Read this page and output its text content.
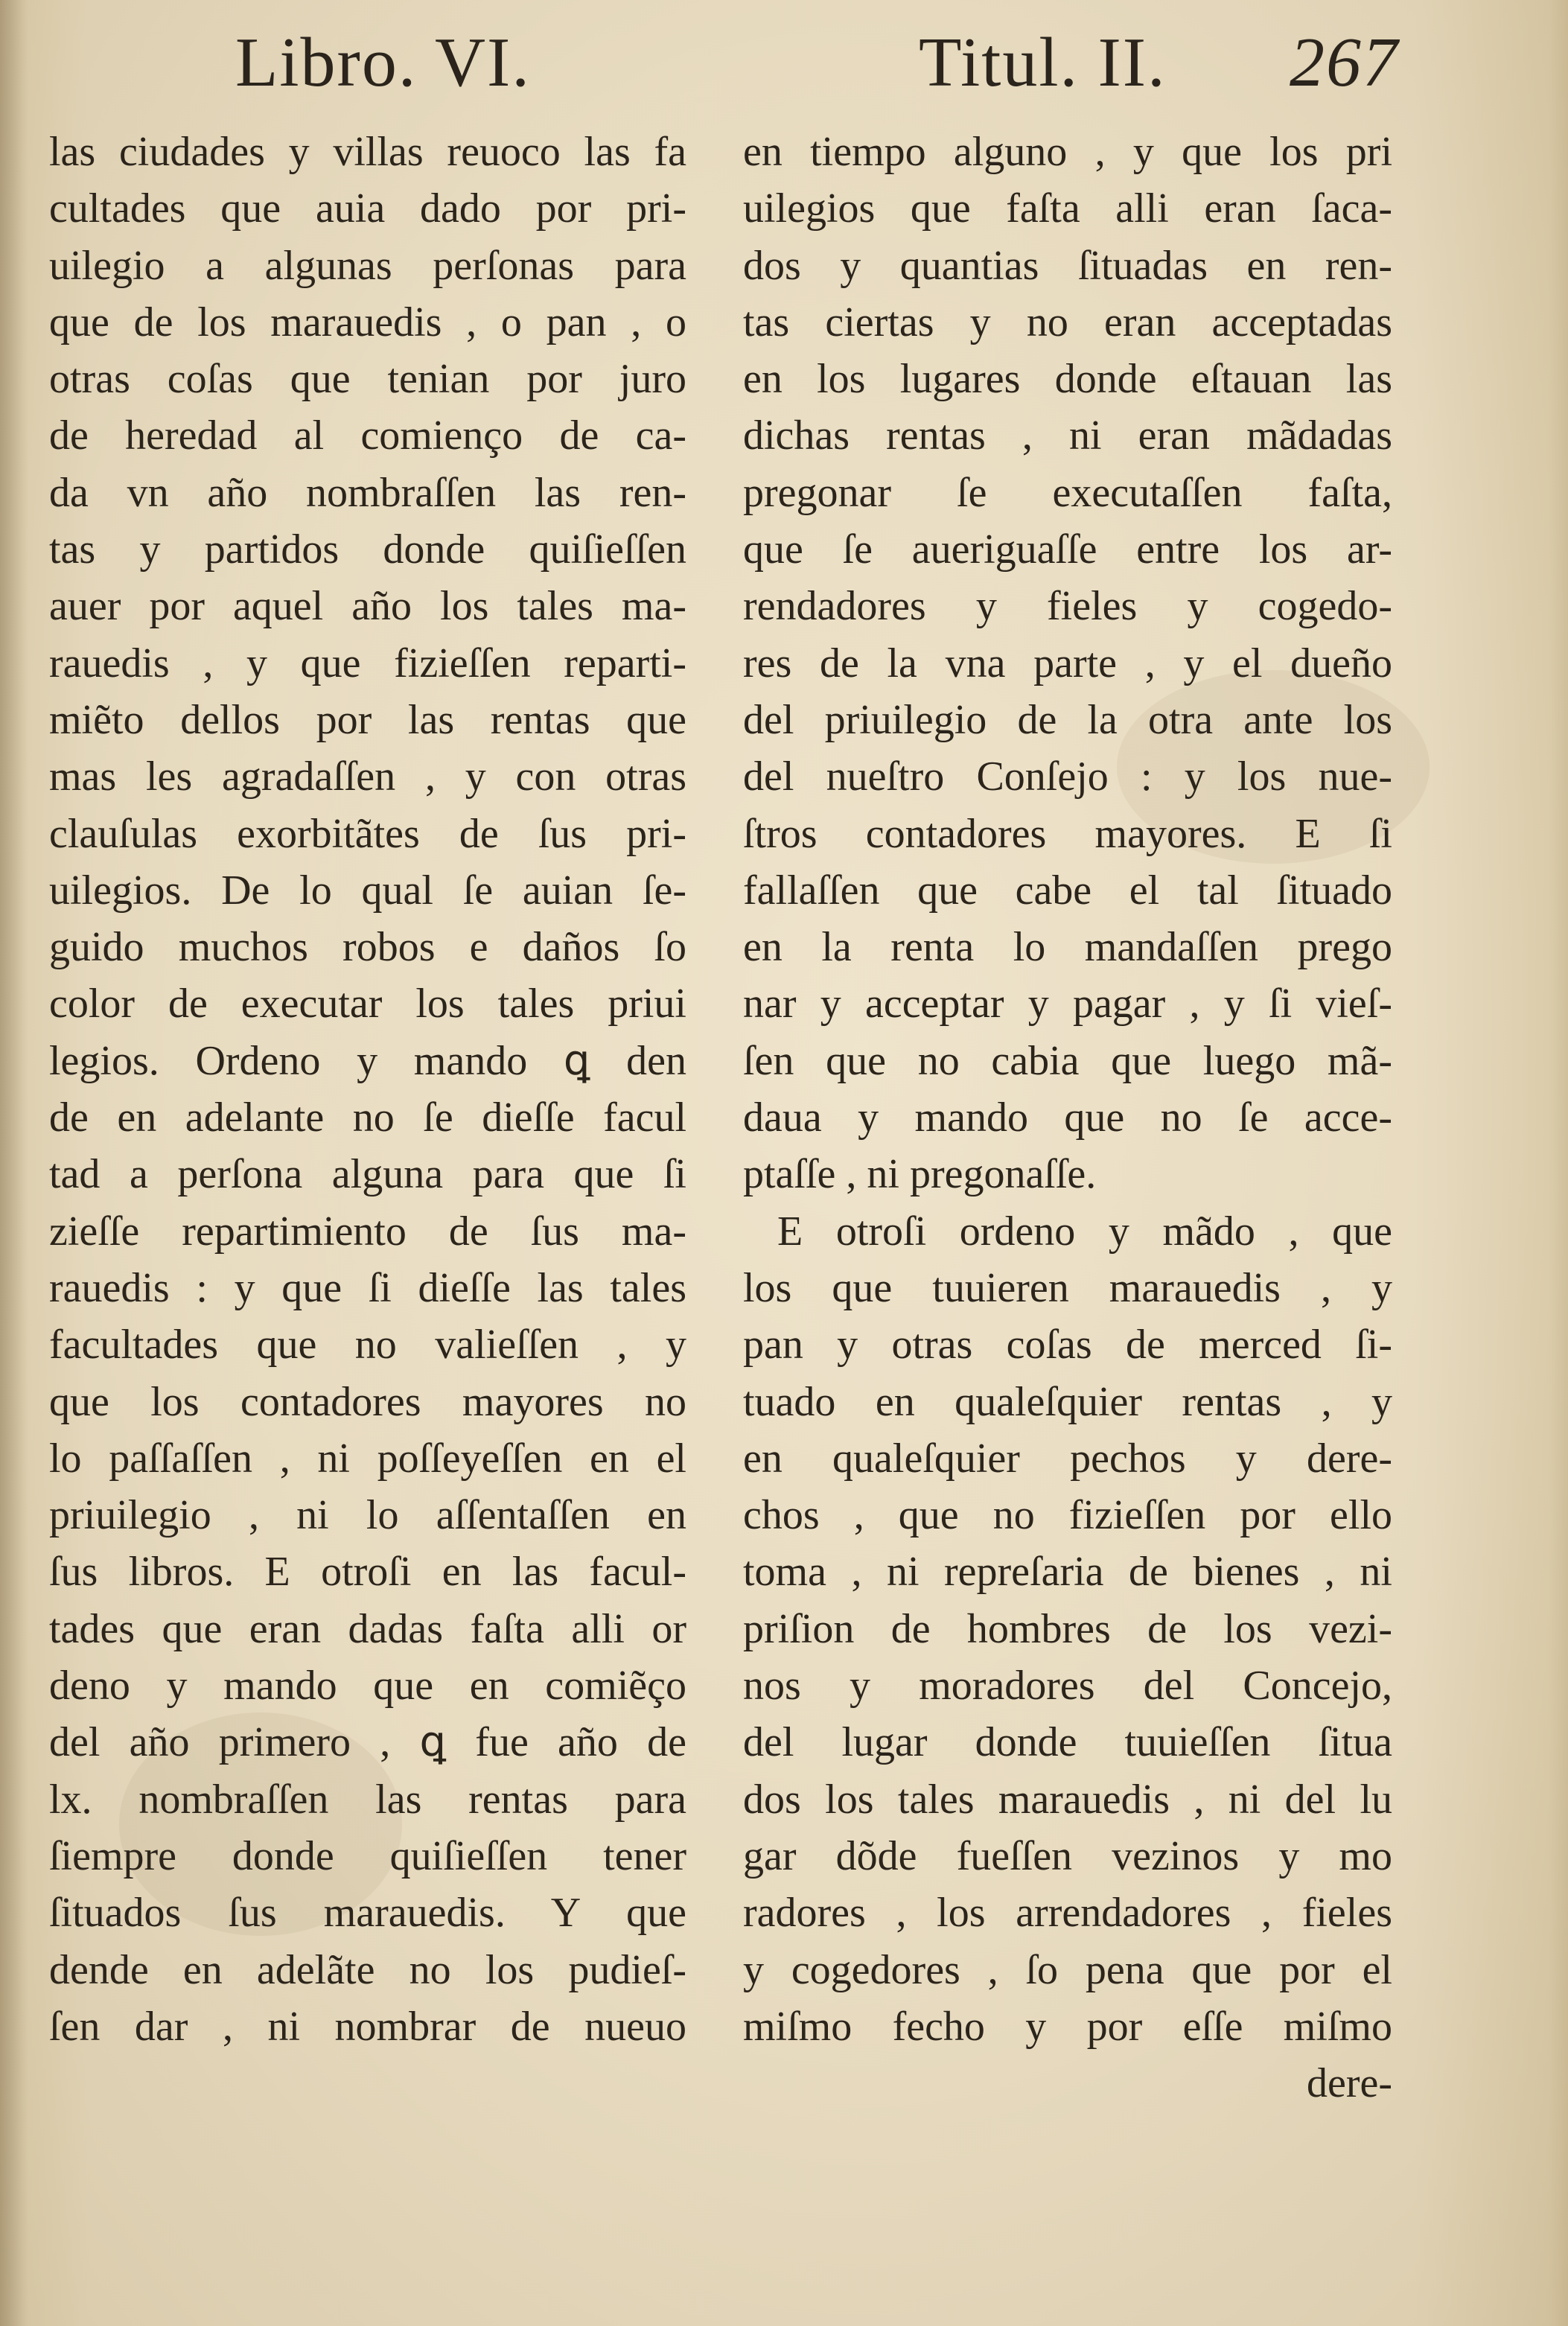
Libro. VI.	Titul. II. 267
las ciudades y villas reuoco las fa
cultades que auia dado por pri-
uilegio a algunas perſonas para
que de los marauedis , o pan , o
otras coſas que tenian por juro
de heredad al comienço de ca-
da vn año nombraſſen las ren-
tas y partidos donde quiſieſſen
auer por aquel año los tales ma-
rauedis , y que fizieſſen reparti-
miẽto dellos por las rentas que
mas les agradaſſen , y con otras
clauſulas exorbitãtes de ſus pri-
uilegios. De lo qual ſe auian ſe-
guido muchos robos e daños ſo
color de executar los tales priui
legios. Ordeno y mando ꝗ den
de en adelante no ſe dieſſe facul
tad a perſona alguna para que ſi
zieſſe repartimiento de ſus ma-
rauedis : y que ſi dieſſe las tales
facultades que no valieſſen , y
que los contadores mayores no
lo paſſaſſen , ni poſſeyeſſen en el
priuilegio , ni lo aſſentaſſen en
ſus libros. E otroſi en las facul-
tades que eran dadas faſta alli or
deno y mando que en comiẽço
del año primero , ꝗ fue año de
lx. nombraſſen las rentas para
ſiempre donde quiſieſſen tener
ſituados ſus marauedis. Y que
dende en adelãte no los pudieſ-
ſen dar , ni nombrar de nueuo
en tiempo alguno , y que los pri
uilegios que faſta alli eran ſaca-
dos y quantias ſituadas en ren-
tas ciertas y no eran acceptadas
en los lugares donde eſtauan las
dichas rentas , ni eran mãdadas
pregonar ſe executaſſen faſta,
que ſe aueriguaſſe entre los ar-
rendadores y fieles y cogedo-
res de la vna parte , y el dueño
del priuilegio de la otra ante los
del nueſtro Conſejo : y los nue-
ſtros contadores mayores. E ſi
fallaſſen que cabe el tal ſituado
en la renta lo mandaſſen prego
nar y acceptar y pagar , y ſi vieſ-
ſen que no cabia que luego mã-
daua y mando que no ſe acce-
ptaſſe , ni pregonaſſe.
E otroſi ordeno y mãdo , que
los que tuuieren marauedis , y
pan y otras coſas de merced ſi-
tuado en qualeſquier rentas , y
en qualeſquier pechos y dere-
chos , que no fizieſſen por ello
toma , ni repreſaria de bienes , ni
priſion de hombres de los vezi-
nos y moradores del Concejo,
del lugar donde tuuieſſen ſitua
dos los tales marauedis , ni del lu
gar dõde fueſſen vezinos y mo
radores , los arrendadores , fieles
y cogedores , ſo pena que por el
miſmo fecho y por eſſe miſmo
dere-
